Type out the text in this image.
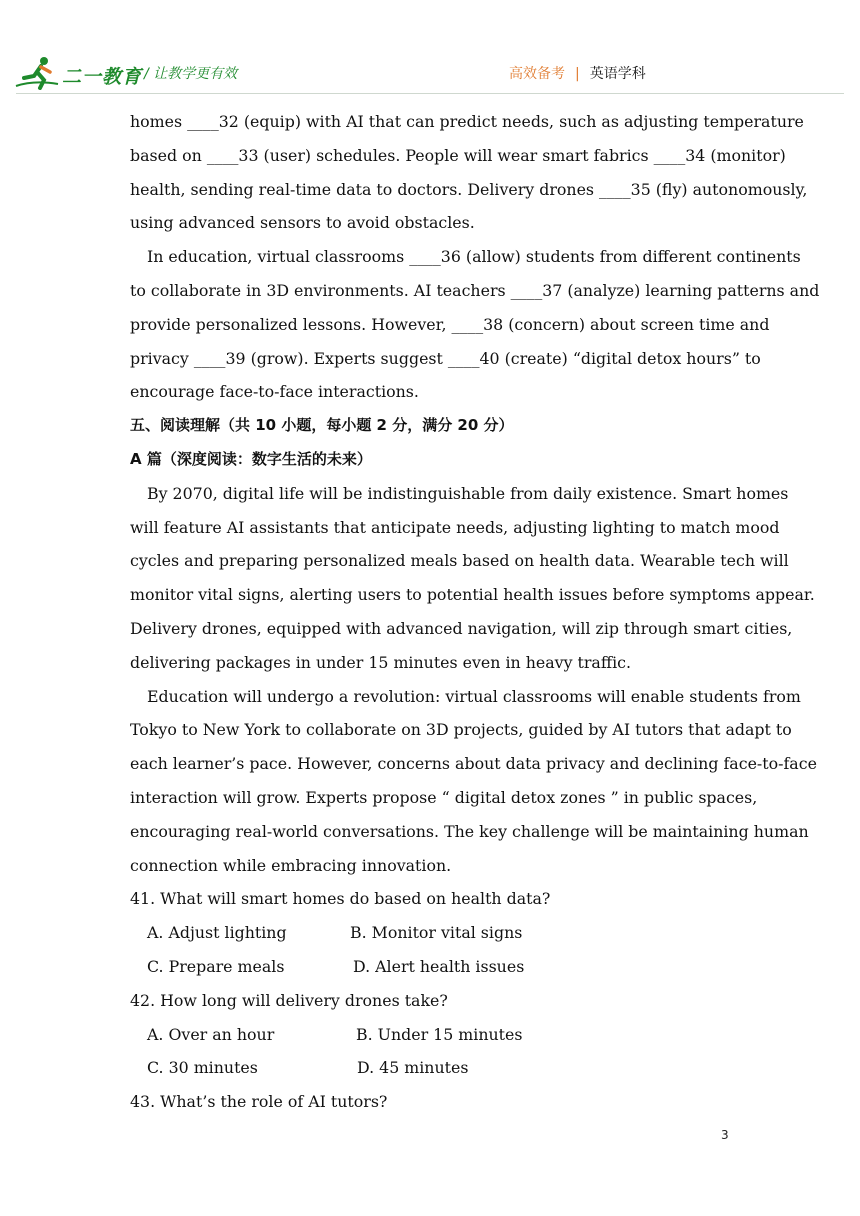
二一教育 / 让教学更有效	高效备考 | 英语学科
homes ____32 (equip) with AI that can predict needs, such as adjusting temperature
based on ____33 (user) schedules. People will wear smart fabrics ____34 (monitor)
health, sending real-time data to doctors. Delivery drones ____35 (fly) autonomously,
using advanced sensors to avoid obstacles.
In education, virtual classrooms ____36 (allow) students from different continents
to collaborate in 3D environments. AI teachers ____37 (analyze) learning patterns and
provide personalized lessons. However, ____38 (concern) about screen time and
privacy ____39 (grow). Experts suggest ____40 (create) “digital detox hours” to
encourage face-to-face interactions.
五、阅读理解（共 10 小题，每小题 2 分，满分 20 分）
A 篇（深度阅读：数字生活的未来）
By 2070, digital life will be indistinguishable from daily existence. Smart homes
will feature AI assistants that anticipate needs, adjusting lighting to match mood
cycles and preparing personalized meals based on health data. Wearable tech will
monitor vital signs, alerting users to potential health issues before symptoms appear.
Delivery drones, equipped with advanced navigation, will zip through smart cities,
delivering packages in under 15 minutes even in heavy traffic.
Education will undergo a revolution: virtual classrooms will enable students from
Tokyo to New York to collaborate on 3D projects, guided by AI tutors that adapt to
each learner’s pace. However, concerns about data privacy and declining face-to-face
interaction will grow. Experts propose “ digital detox zones ” in public spaces,
encouraging real-world conversations. The key challenge will be maintaining human
connection while embracing innovation.
41. What will smart homes do based on health data?
A. Adjust lighting	B. Monitor vital signs
C. Prepare meals	D. Alert health issues
42. How long will delivery drones take?
A. Over an hour	B. Under 15 minutes
C. 30 minutes	D. 45 minutes
43. What’s the role of AI tutors?
3
